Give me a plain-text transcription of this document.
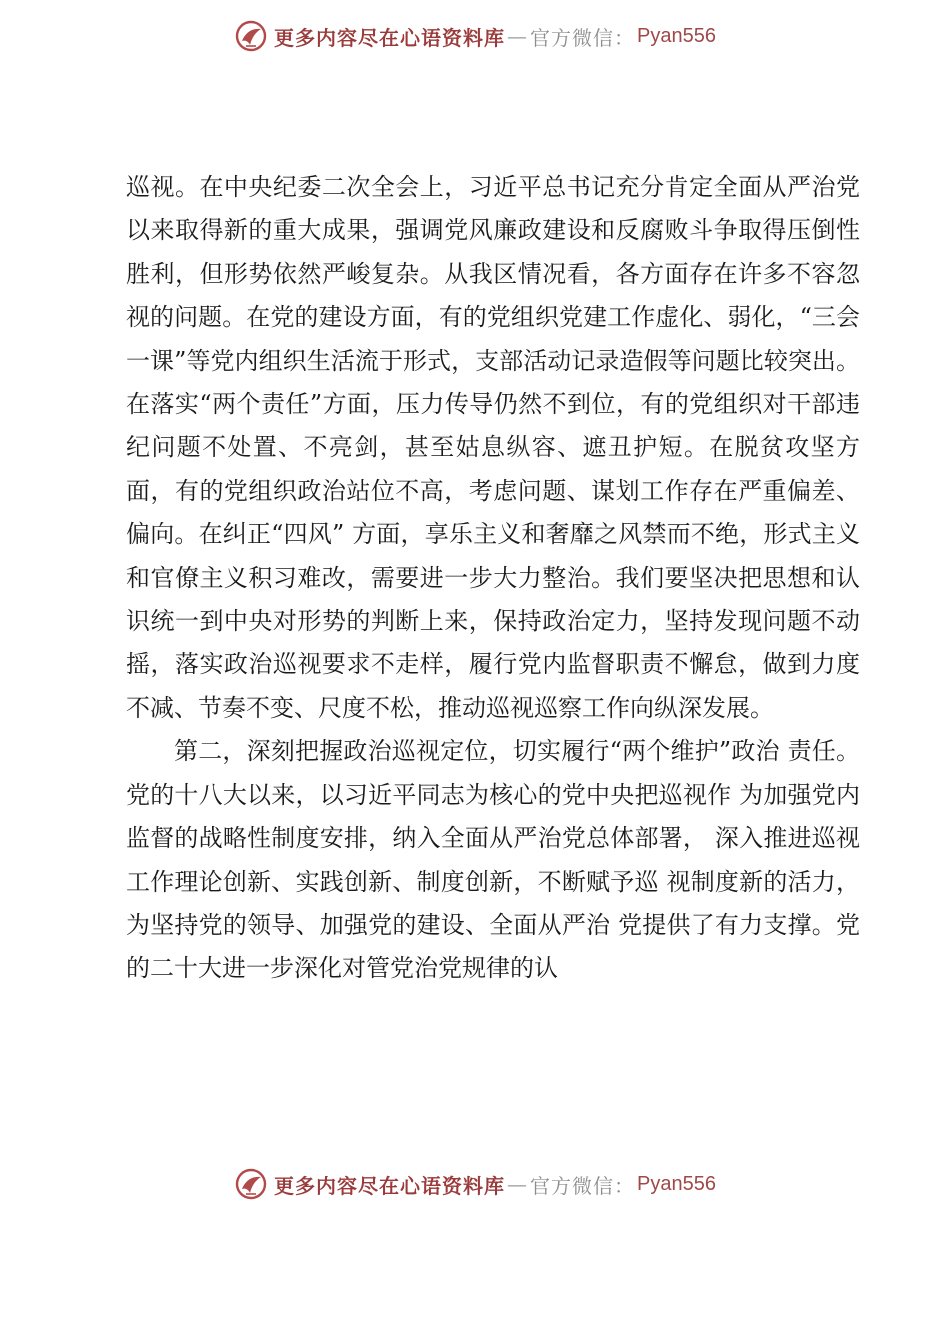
更多内容尽在心语资料库 — 官方微信： Pyan556

巡视。在中央纪委二次全会上，习近平总书记充分肯定全面从严治党以来取得新的重大成果，强调党风廉政建设和反腐败斗争取得压倒性胜利，但形势依然严峻复杂。从我区情况看，各方面存在许多不容忽视的问题。在党的建设方面，有的党组织党建工作虚化、弱化，“三会一课”等党内组织生活流于形式，支部活动记录造假等问题比较突出。在落实“两个责任”方面，压力传导仍然不到位，有的党组织对干部违纪问题不处置、不亮剑，甚至姑息纵容、遮丑护短。在脱贫攻坚方面，有的党组织政治站位不高，考虑问题、谋划工作存在严重偏差、偏向。在纠正“四风” 方面，享乐主义和奢靡之风禁而不绝，形式主义和官僚主义积习难改，需要进一步大力整治。我们要坚决把思想和认识统一到中央对形势的判断上来，保持政治定力，坚持发现问题不动摇，落实政治巡视要求不走样，履行党内监督职责不懈怠，做到力度不减、节奏不变、尺度不松，推动巡视巡察工作向纵深发展。

第二，深刻把握政治巡视定位，切实履行“两个维护”政治 责任。党的十八大以来，以习近平同志为核心的党中央把巡视作 为加强党内监督的战略性制度安排，纳入全面从严治党总体部署， 深入推进巡视工作理论创新、实践创新、制度创新，不断赋予巡 视制度新的活力，为坚持党的领导、加强党的建设、全面从严治 党提供了有力支撑。党的二十大进一步深化对管党治党规律的认

更多内容尽在心语资料库 — 官方微信： Pyan556
